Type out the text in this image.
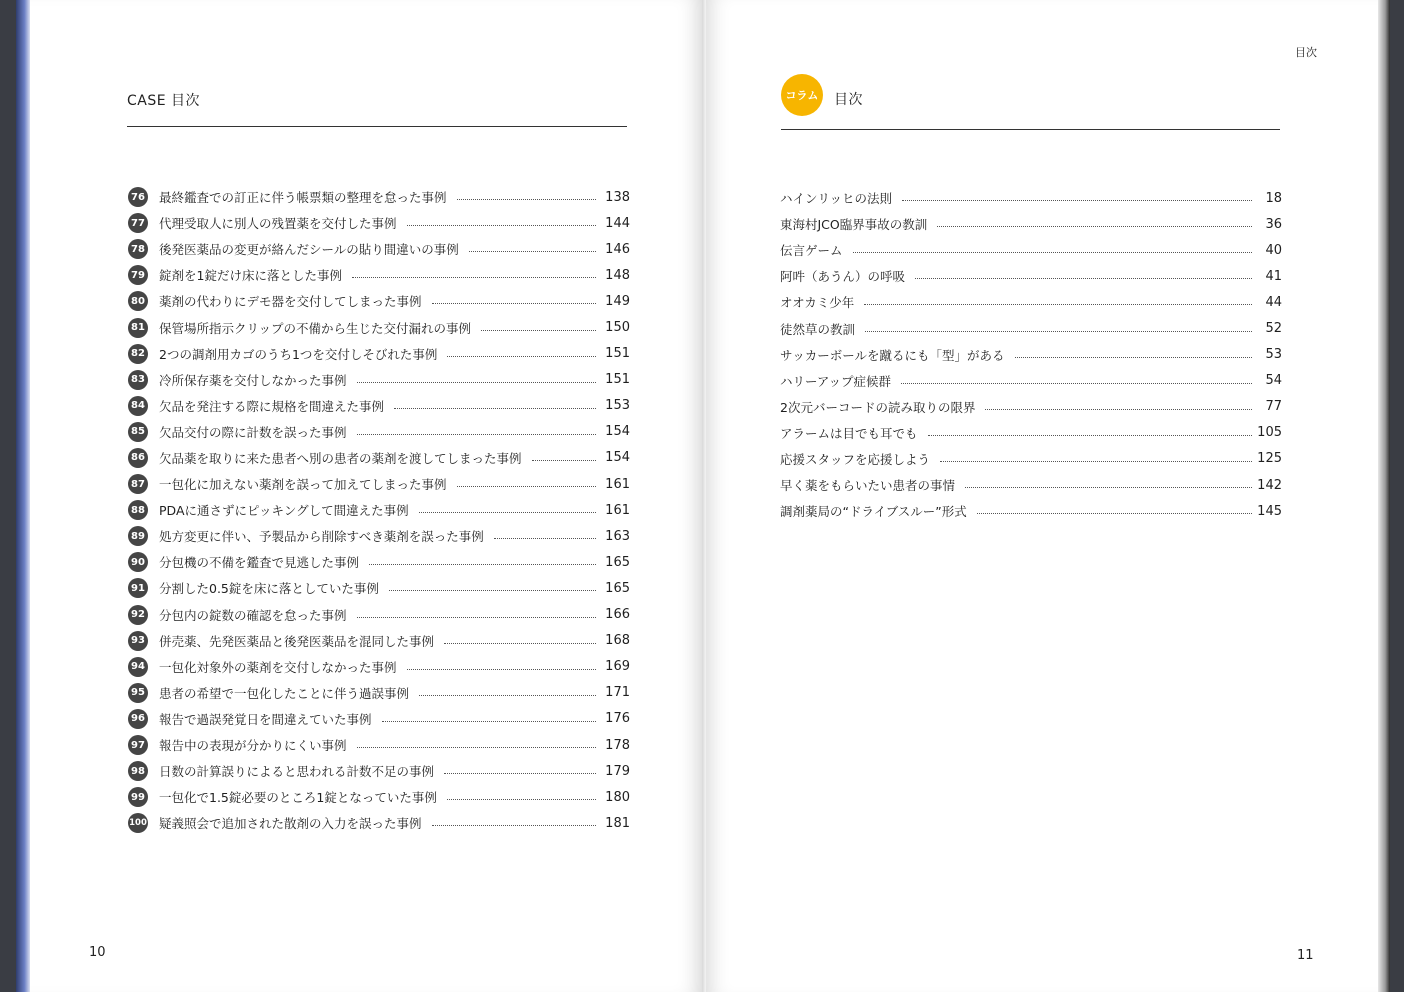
CASE 目次
76 最終鑑査での訂正に伴う帳票類の整理を怠った事例	138
77 代理受取人に別人の残置薬を交付した事例	144
78 後発医薬品の変更が絡んだシールの貼り間違いの事例	146
79 錠剤を1錠だけ床に落とした事例	148
80 薬剤の代わりにデモ器を交付してしまった事例	149
81 保管場所指示クリップの不備から生じた交付漏れの事例	150
82 2つの調剤用カゴのうち1つを交付しそびれた事例	151
83 冷所保存薬を交付しなかった事例	151
84 欠品を発注する際に規格を間違えた事例	153
85 欠品交付の際に計数を誤った事例	154
86 欠品薬を取りに来た患者へ別の患者の薬剤を渡してしまった事例	154
87 一包化に加えない薬剤を誤って加えてしまった事例	161
88 PDAに通さずにピッキングして間違えた事例	161
89 処方変更に伴い、予製品から削除すべき薬剤を誤った事例	163
90 分包機の不備を鑑査で見逃した事例	165
91 分割した0.5錠を床に落としていた事例	165
92 分包内の錠数の確認を怠った事例	166
93 併売薬、先発医薬品と後発医薬品を混同した事例	168
94 一包化対象外の薬剤を交付しなかった事例	169
95 患者の希望で一包化したことに伴う過誤事例	171
96 報告で過誤発覚日を間違えていた事例	176
97 報告中の表現が分かりにくい事例	178
98 日数の計算誤りによると思われる計数不足の事例	179
99 一包化で1.5錠必要のところ1錠となっていた事例	180
100 疑義照会で追加された散剤の入力を誤った事例	181
10
目次
コラム	目次
ハインリッヒの法則	18
東海村JCO臨界事故の教訓	36
伝言ゲーム	40
阿吽（あうん）の呼吸	41
オオカミ少年	44
徒然草の教訓	52
サッカーボールを蹴るにも「型」がある	53
ハリーアップ症候群	54
2次元バーコードの読み取りの限界	77
アラームは目でも耳でも	105
応援スタッフを応援しよう	125
早く薬をもらいたい患者の事情	142
調剤薬局の“ドライブスルー”形式	145
11
